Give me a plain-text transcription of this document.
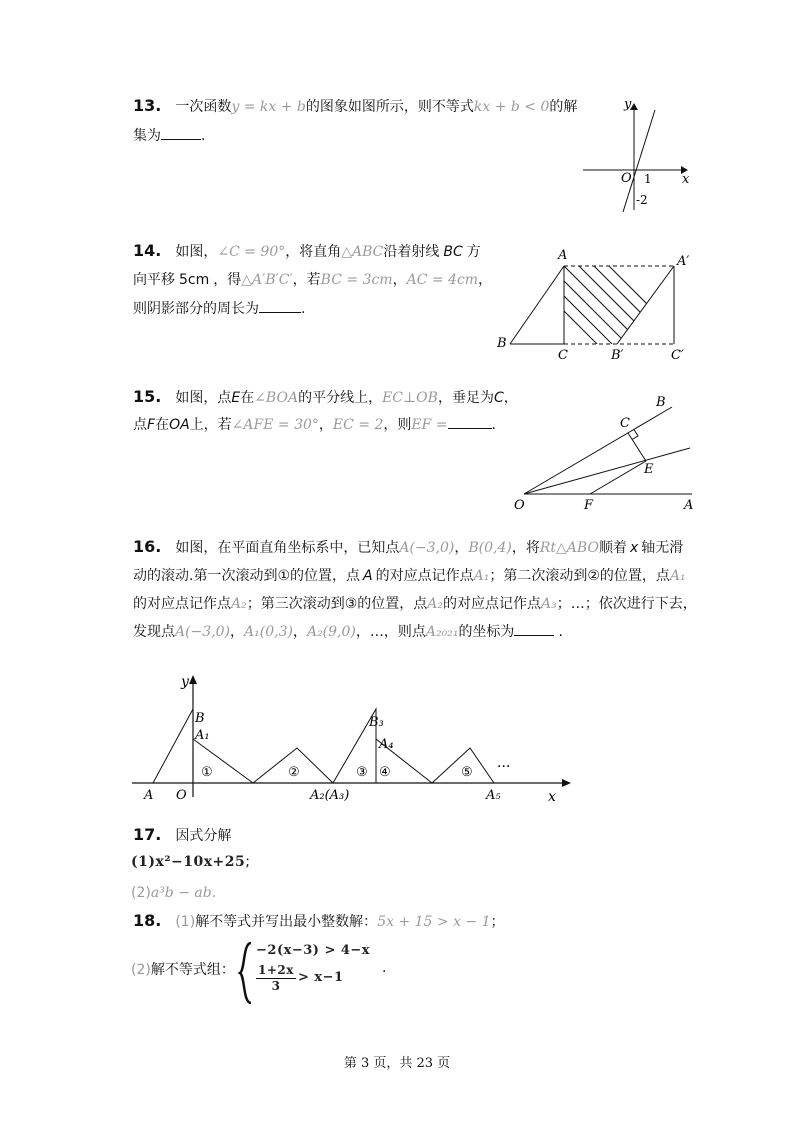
13. 一次函数y = kx + b的图象如图所示，则不等式kx + b < 0的解
集为	.
y
x
O 1
-2
14. 如图，∠C = 90°，将直角△ABC沿着射线 BC 方
向平移 5cm ，得△A′B′C′，若BC = 3cm，AC = 4cm，
则阴影部分的周长为	.
A	A′
B
C	B′	C′
15. 如图，点E在∠BOA的平分线上，EC⊥OB，垂足为C，
点F在OA上，若∠AFE = 30°，EC = 2，则EF =	.
O	F	A
B
C
E
16. 如图，在平面直角坐标系中，已知点A(−3,0)，B(0,4)，将Rt△ABO顺着 x 轴无滑
动的滚动.第一次滚动到①的位置，点 A 的对应点记作点A₁；第二次滚动到②的位置，点A₁
的对应点记作点A₂；第三次滚动到③的位置，点A₂的对应点记作点A₃；…；依次进行下去，
发现点A(−3,0)，A₁(0,3)，A₂(9,0)，…，则点A₂₀₂₁的坐标为	.
y
x
B
A₁
B₃
A₄
A O	A₂(A₃)	A₅
···
①	②	③ ④	⑤
17. 因式分解
(1)x²−10x+25;
(2)a³b − ab.
18. (1)解不等式并写出最小整数解：5x + 15 > x − 1；
(2)解不等式组：
−2(x−3) > 4−x
$\frac{1+2x}{3} > x-1$
.
第 3 页，共 23 页
